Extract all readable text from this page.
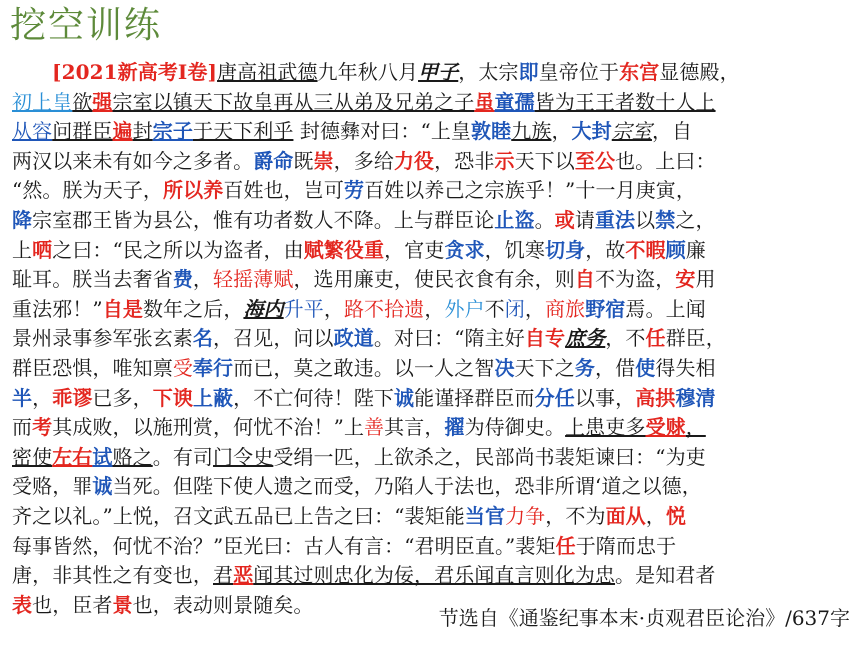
挖空训练
[2021新高考Ⅰ卷]唐高祖武德九年秋八月甲子，太宗即皇帝位于东宫显德殿，
初上皇欲强宗室以镇天下故皇再从三从弟及兄弟之子虽童孺皆为王王者数十人上
从容问群臣遍封宗子于天下利乎 封德彝对曰：“上皇敦睦九族，大封宗室，自
两汉以来未有如今之多者。爵命既崇，多给力役，恐非示天下以至公也。上曰：
“然。朕为天子，所以养百姓也，岂可劳百姓以养己之宗族乎！”十一月庚寅，
降宗室郡王皆为县公，惟有功者数人不降。上与群臣论止盗。或请重法以禁之，
上哂之曰：“民之所以为盗者，由赋繁役重，官吏贪求，饥寒切身，故不暇顾廉
耻耳。朕当去奢省费，轻摇薄赋，选用廉吏，使民衣食有余，则自不为盗，安用
重法邪！”自是数年之后，海内升平，路不拾遗，外户不闭，商旅野宿焉。上闻
景州录事参军张玄素名，召见，问以政道。对曰：“隋主好自专庶务，不任群臣，
群臣恐惧，唯知禀受奉行而已，莫之敢违。以一人之智决天下之务，借使得失相
半，乖谬已多，下谀上蔽，不亡何待！陛下诚能谨择群臣而分任以事，高拱穆清
而考其成败，以施刑赏，何忧不治！”上善其言，擢为侍御史。上患吏多受赇，
密使左右试赂之。有司门令史受绢一匹，上欲杀之，民部尚书裴矩谏曰：“为吏
受赂，罪诚当死。但陛下使人遗之而受，乃陷人于法也，恐非所谓‘道之以德，
齐之以礼。”上悦，召文武五品已上告之曰：“裴矩能当官力争，不为面从，悦
每事皆然，何忧不治？”臣光曰：古人有言：“君明臣直。”裴矩任于隋而忠于
唐，非其性之有变也，君恶闻其过则忠化为佞，君乐闻直言则化为忠。是知君者
表也，臣者景也，表动则景随矣。
节选自《通鉴纪事本末·贞观君臣论治》/637字
